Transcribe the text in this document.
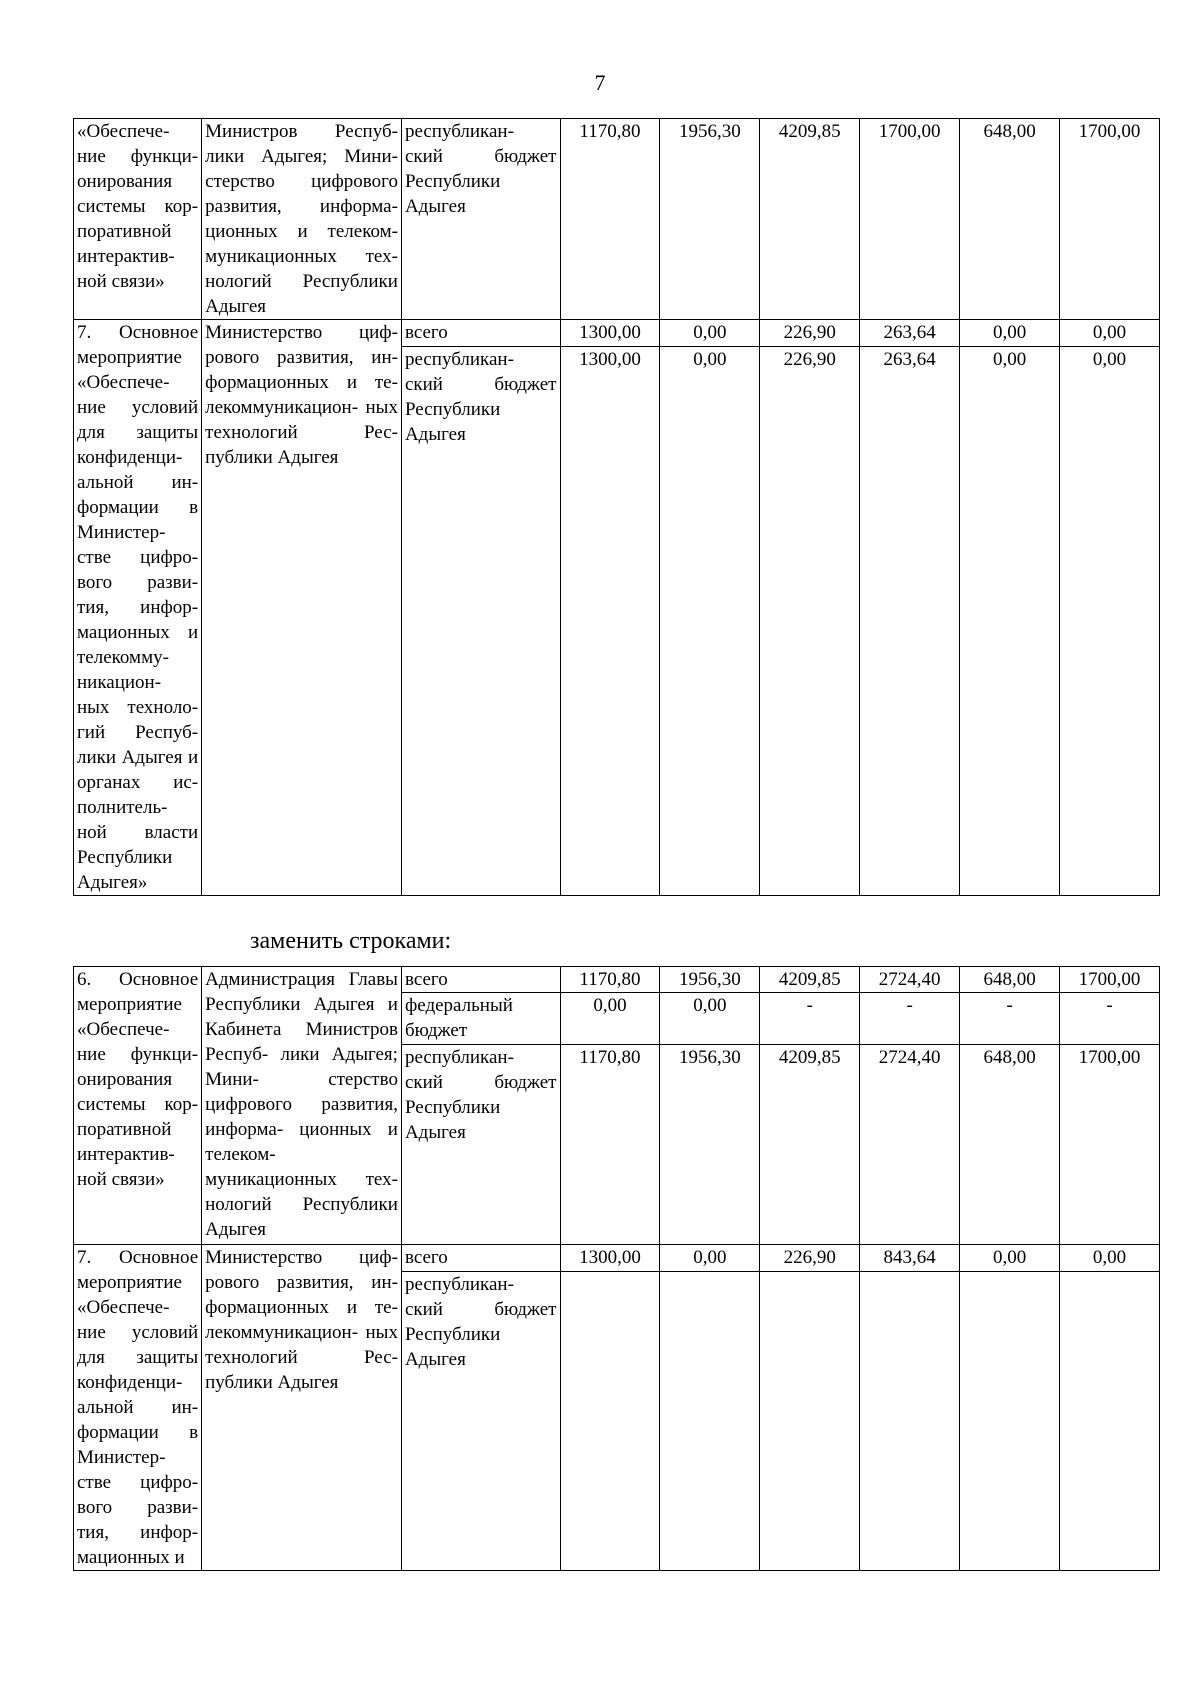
7
«Обеспече- ние функци- онирования системы кор- поративной интерактив- ной связи»	Министров Респуб- лики Адыгея; Мини- стерство цифрового развития, информа- ционных и телеком- муникационных тех- нологий Республики Адыгея	республикан- ский бюджет Республики Адыгея	1170,80	1956,30	4209,85	1700,00	648,00	1700,00
7. Основное мероприятие «Обеспече- ние условий для защиты конфиденци- альной ин- формации в Министер- стве цифро- вого разви- тия, инфор- мационных и телекомму- никацион- ных техноло- гий Респуб- лики Адыгея и органах ис- полнитель- ной власти Республики Адыгея»	Министерство циф- рового развития, ин- формационных и те- лекоммуникацион- ных технологий Рес- публики Адыгея	всего	1300,00	0,00	226,90	263,64	0,00	0,00
		республикан- ский бюджет Республики Адыгея	1300,00	0,00	226,90	263,64	0,00	0,00
заменить строками:
6. Основное мероприятие «Обеспече- ние функци- онирования системы кор- поративной интерактив- ной связи»	Администрация Главы Республики Адыгея и Кабинета Министров Респуб- лики Адыгея; Мини- стерство цифрового развития, информа- ционных и телеком- муникационных тех- нологий Республики Адыгея	всего	1170,80	1956,30	4209,85	2724,40	648,00	1700,00
		федеральный бюджет	0,00	0,00	-	-	-	-
		республикан- ский бюджет Республики Адыгея	1170,80	1956,30	4209,85	2724,40	648,00	1700,00
7. Основное мероприятие «Обеспече- ние условий для защиты конфиденци- альной ин- формации в Министер- стве цифро- вого разви- тия, инфор- мационных и	Министерство циф- рового развития, ин- формационных и те- лекоммуникацион- ных технологий Рес- публики Адыгея	всего	1300,00	0,00	226,90	843,64	0,00	0,00
		республикан- ский бюджет Республики Адыгея						
